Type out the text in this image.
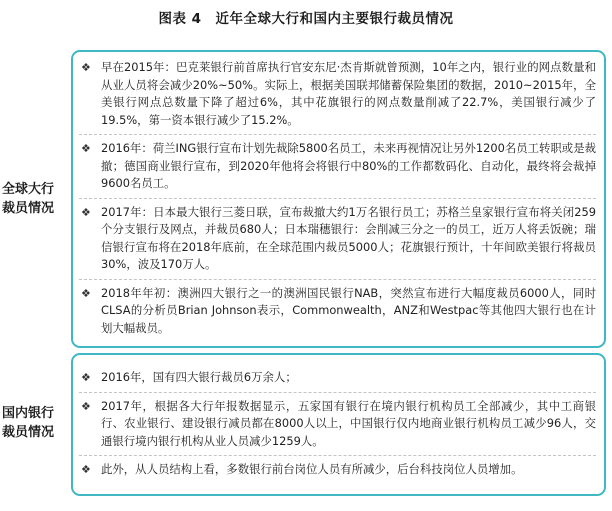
图表 4　近年全球大行和国内主要银行裁员情况
全球大行裁员情况
❖ 早在2015年：巴克莱银行前首席执行官安东尼·杰肯斯就曾预测，10年之内，银行业的网点数量和从业人员将会减少20%~50%。实际上，根据美国联邦储蓄保险集团的数据，2010~2015年，全美银行网点总数量下降了超过6%，其中花旗银行的网点数量削减了22.7%，美国银行减少了19.5%，第一资本银行减少了15.2%。
❖ 2016年：荷兰ING银行宣布计划先裁除5800名员工，未来再视情况让另外1200名员工转职或是裁撤；德国商业银行宣布，到2020年他将会将银行中80%的工作都数码化、自动化，最终将会裁掉9600名员工。
❖ 2017年：日本最大银行三菱日联，宣布裁撤大约1万名银行员工；苏格兰皇家银行宣布将关闭259个分支银行及网点，并裁员680人；日本瑞穗银行：会削减三分之一的员工，近万人将丢饭碗；瑞信银行宣布将在2018年底前，在全球范围内裁员5000人；花旗银行预计，十年间欧美银行将裁员30%，波及170万人。
❖ 2018年年初：澳洲四大银行之一的澳洲国民银行NAB，突然宣布进行大幅度裁员6000人，同时CLSA的分析员Brian Johnson表示，Commonwealth，ANZ和Westpac等其他四大银行也在计划大幅裁员。
国内银行裁员情况
❖ 2016年，国有四大银行裁员6万余人；
❖ 2017年，根据各大行年报数据显示，五家国有银行在境内银行机构员工全部减少，其中工商银行、农业银行、建设银行减员都在8000人以上，中国银行仅内地商业银行机构员工减少96人，交通银行境内银行机构从业人员减少1259人。
❖ 此外，从人员结构上看，多数银行前台岗位人员有所减少，后台科技岗位人员增加。
